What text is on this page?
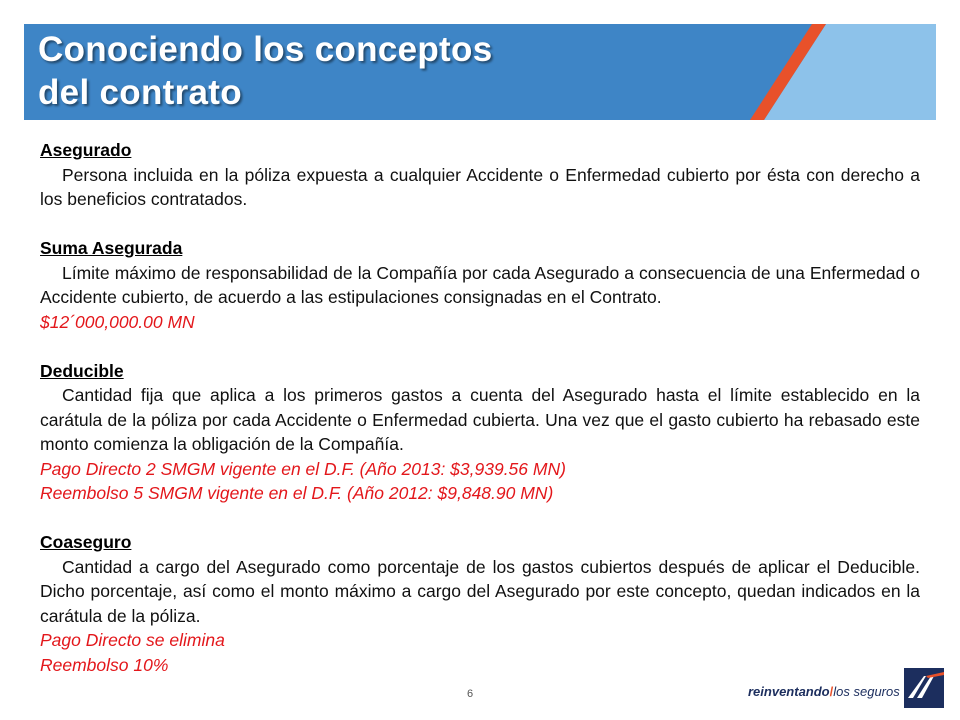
Conociendo los conceptos
del contrato
Asegurado
Persona incluida en la póliza expuesta a cualquier Accidente o Enfermedad cubierto por ésta con derecho a los beneficios contratados.
Suma Asegurada
Límite máximo de responsabilidad de la Compañía por cada Asegurado a consecuencia de una Enfermedad o Accidente cubierto, de acuerdo a las estipulaciones consignadas en el Contrato.
$12´000,000.00 MN
Deducible
Cantidad fija que aplica a los primeros gastos a cuenta del Asegurado hasta el límite establecido en la carátula de la póliza por cada Accidente o Enfermedad cubierta. Una vez que el gasto cubierto ha rebasado este monto comienza la obligación de la Compañía.
Pago Directo 2 SMGM vigente en el D.F. (Año 2013: $3,939.56 MN)
Reembolso 5 SMGM vigente en el D.F. (Año 2012: $9,848.90 MN)
Coaseguro
Cantidad a cargo del Asegurado como porcentaje de los gastos cubiertos después de aplicar el Deducible. Dicho porcentaje, así como el monto máximo a cargo del Asegurado por este concepto, quedan indicados en la carátula de la póliza.
Pago Directo se elimina
Reembolso 10%
6	reinventando/los seguros
